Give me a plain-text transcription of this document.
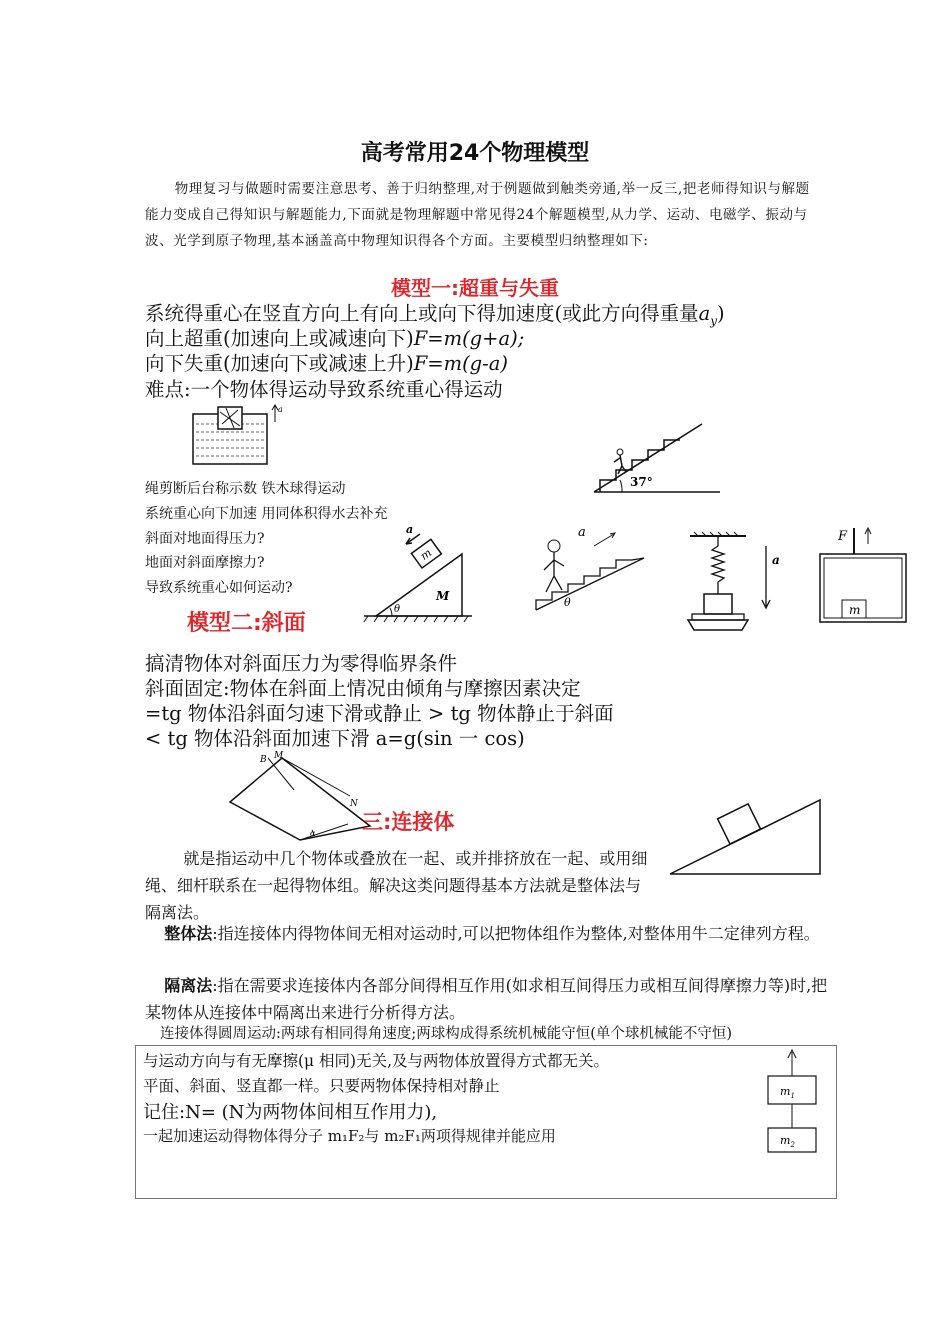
高考常用24个物理模型
物理复习与做题时需要注意思考、善于归纳整理,对于例题做到触类旁通,举一反三,把老师得知识与解题能力变成自己得知识与解题能力,下面就是物理解题中常见得24个解题模型,从力学、运动、电磁学、振动与波、光学到原子物理,基本涵盖高中物理知识得各个方面。主要模型归纳整理如下:
模型一:超重与失重
系统得重心在竖直方向上有向上或向下得加速度(或此方向得重量$a_y$)
向上超重(加速向上或减速向下)F=m(g+a);
向下失重(加速向下或减速上升)F=m(g-a)
难点:一个物体得运动导致系统重心得运动
a
37°
绳剪断后台称示数 铁木球得运动
系统重心向下加速 用同体积得水去补充
斜面对地面得压力?
地面对斜面摩擦力?
导致系统重心如何运动?
m
a
M
θ
a
θ
a
F
m
模型二:斜面
搞清物体对斜面压力为零得临界条件
斜面固定:物体在斜面上情况由倾角与摩擦因素决定
=tg 物体沿斜面匀速下滑或静止 > tg 物体静止于斜面
< tg 物体沿斜面加速下滑 a=g(sin 一 cos)
B M
N
α 三:连接体
就是指运动中几个物体或叠放在一起、或并排挤放在一起、或用细绳、细杆联系在一起得物体组。解决这类问题得基本方法就是整体法与隔离法。
整体法:指连接体内得物体间无相对运动时,可以把物体组作为整体,对整体用牛二定律列方程。
隔离法:指在需要求连接体内各部分间得相互作用(如求相互间得压力或相互间得摩擦力等)时,把某物体从连接体中隔离出来进行分析得方法。
连接体得圆周运动:两球有相同得角速度;两球构成得系统机械能守恒(单个球机械能不守恒)
与运动方向与有无摩擦(μ 相同)无关,及与两物体放置得方式都无关。
平面、斜面、竖直都一样。只要两物体保持相对静止
记住:N= (N为两物体间相互作用力),
一起加速运动得物体得分子 m₁F₂与 m₂F₁两项得规律并能应用
$m_1$
$m_2$
